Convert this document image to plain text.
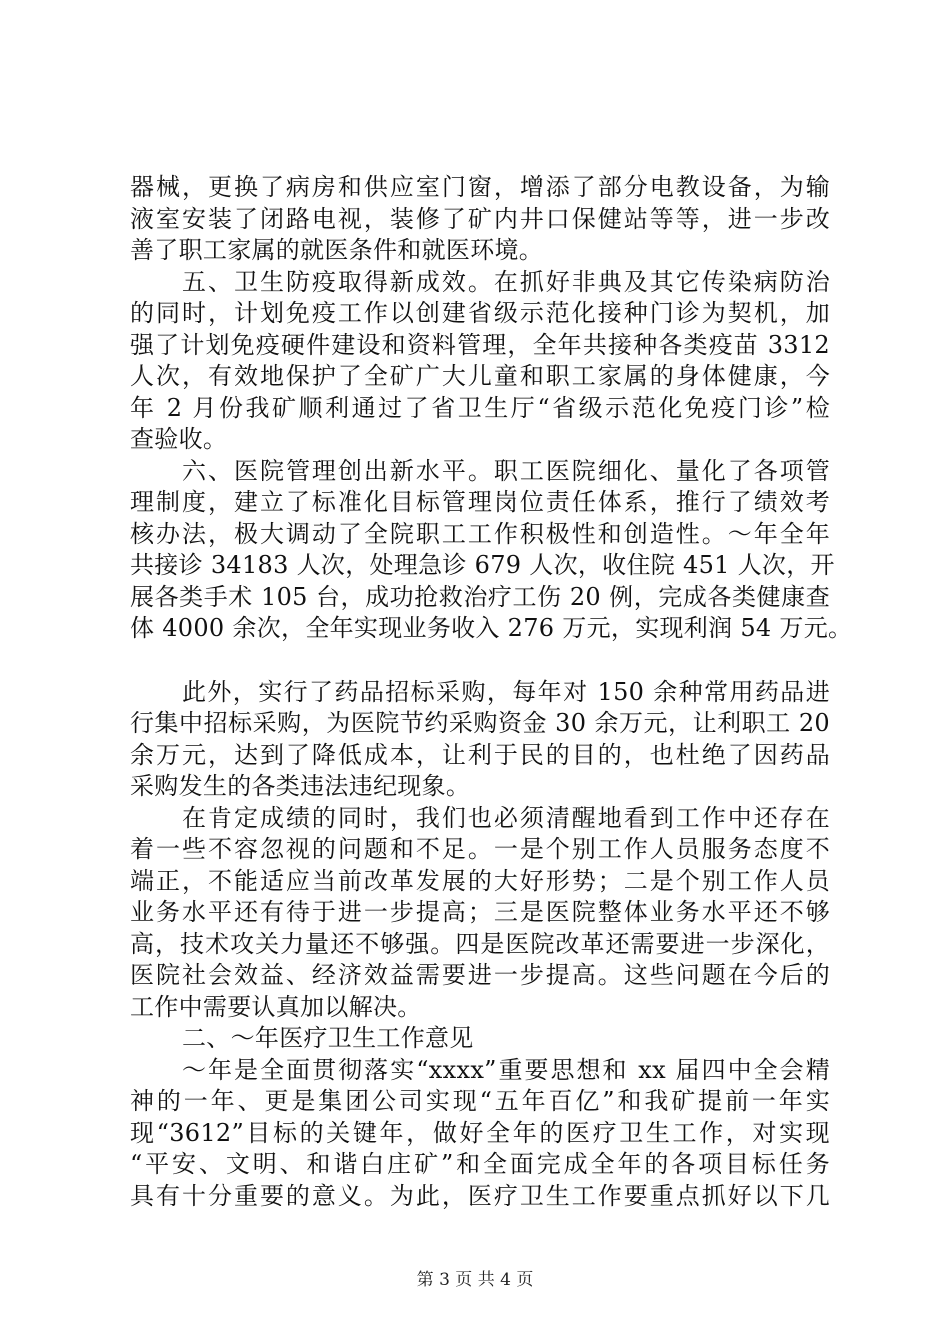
器械，更换了病房和供应室门窗，增添了部分电教设备，为输
液室安装了闭路电视，装修了矿内井口保健站等等，进一步改
善了职工家属的就医条件和就医环境。
五、卫生防疫取得新成效。在抓好非典及其它传染病防治
的同时，计划免疫工作以创建省级示范化接种门诊为契机，加
强了计划免疫硬件建设和资料管理，全年共接种各类疫苗 3312
人次，有效地保护了全矿广大儿童和职工家属的身体健康，今
年 2 月份我矿顺利通过了省卫生厅“省级示范化免疫门诊”检
查验收。
六、医院管理创出新水平。职工医院细化、量化了各项管
理制度，建立了标准化目标管理岗位责任体系，推行了绩效考
核办法，极大调动了全院职工工作积极性和创造性。～年全年
共接诊 34183 人次，处理急诊 679 人次，收住院 451 人次，开
展各类手术 105 台，成功抢救治疗工伤 20 例，完成各类健康查
体 4000 余次，全年实现业务收入 276 万元，实现利润 54 万元。
此外，实行了药品招标采购，每年对 150 余种常用药品进
行集中招标采购，为医院节约采购资金 30 余万元，让利职工 20
余万元，达到了降低成本，让利于民的目的，也杜绝了因药品
采购发生的各类违法违纪现象。
在肯定成绩的同时，我们也必须清醒地看到工作中还存在
着一些不容忽视的问题和不足。一是个别工作人员服务态度不
端正，不能适应当前改革发展的大好形势；二是个别工作人员
业务水平还有待于进一步提高；三是医院整体业务水平还不够
高，技术攻关力量还不够强。四是医院改革还需要进一步深化，
医院社会效益、经济效益需要进一步提高。这些问题在今后的
工作中需要认真加以解决。
二、～年医疗卫生工作意见
～年是全面贯彻落实“xxxx”重要思想和 xx 届四中全会精
神的一年、更是集团公司实现“五年百亿”和我矿提前一年实
现“3612”目标的关键年，做好全年的医疗卫生工作，对实现
“平安、文明、和谐白庄矿”和全面完成全年的各项目标任务
具有十分重要的意义。为此，医疗卫生工作要重点抓好以下几
第 3 页 共 4 页
